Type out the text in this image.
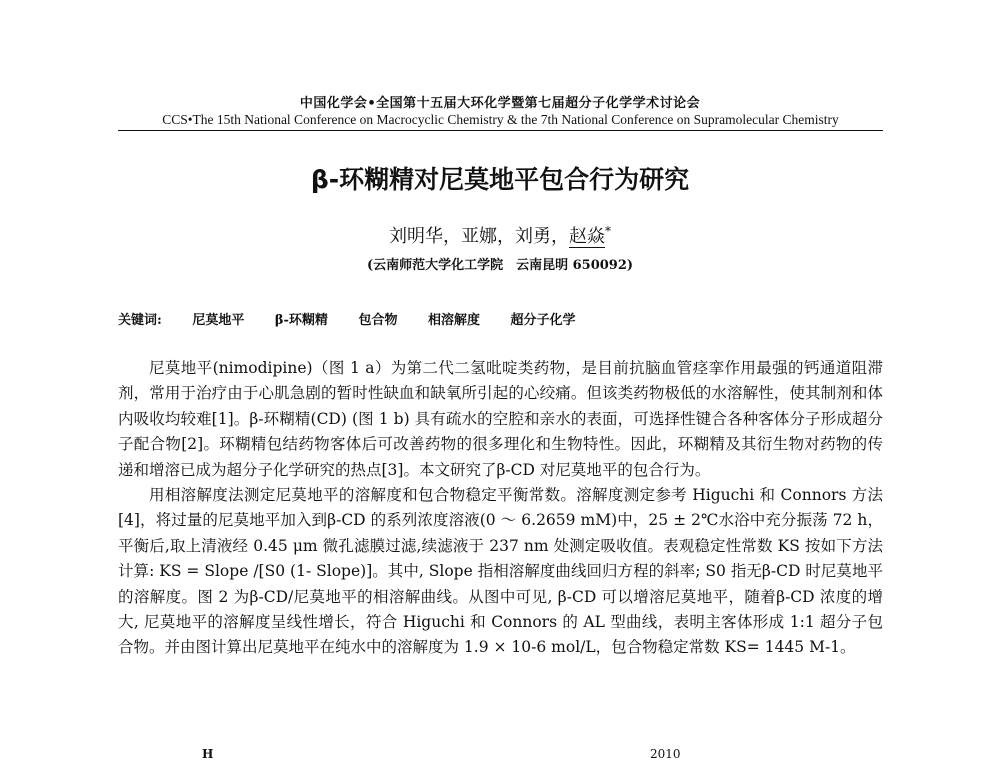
中国化学会•全国第十五届大环化学暨第七届超分子化学学术讨论会
CCS•The 15th National Conference on Macrocyclic Chemistry & the 7th National Conference on Supramolecular Chemistry
β-环糊精对尼莫地平包合行为研究
刘明华，亚娜，刘勇，赵焱*
(云南师范大学化工学院　云南昆明 650092)
关键词: 尼莫地平 β-环糊精 包合物 相溶解度 超分子化学

尼莫地平(nimodipine)（图 1 a）为第二代二氢吡啶类药物，是目前抗脑血管痉挛作用最强的钙通道阻滞剂，常用于治疗由于心肌急剧的暂时性缺血和缺氧所引起的心绞痛。但该类药物极低的水溶解性，使其制剂和体内吸收均较难[1]。β-环糊精(CD) (图 1 b) 具有疏水的空腔和亲水的表面，可选择性键合各种客体分子形成超分子配合物[2]。环糊精包结药物客体后可改善药物的很多理化和生物特性。因此，环糊精及其衍生物对药物的传递和增溶已成为超分子化学研究的热点[3]。本文研究了β-CD 对尼莫地平的包合行为。

用相溶解度法测定尼莫地平的溶解度和包合物稳定平衡常数。溶解度测定参考 Higuchi 和 Connors 方法[4]，将过量的尼莫地平加入到β-CD 的系列浓度溶液(0 ～ 6.2659 mM)中，25 ± 2℃水浴中充分振荡 72 h，平衡后,取上清液经 0.45 μm 微孔滤膜过滤,续滤液于 237 nm 处测定吸收值。表观稳定性常数 KS 按如下方法计算: KS = Slope /[S0 (1- Slope)]。其中, Slope 指相溶解度曲线回归方程的斜率; S0 指无β-CD 时尼莫地平的溶解度。图 2 为β-CD/尼莫地平的相溶解曲线。从图中可见, β-CD 可以增溶尼莫地平，随着β-CD 浓度的增大, 尼莫地平的溶解度呈线性增长，符合 Higuchi 和 Connors 的 AL 型曲线，表明主客体形成 1:1 超分子包合物。并由图计算出尼莫地平在纯水中的溶解度为 1.9 × 10-6 mol/L，包合物稳定常数 KS= 1445 M-1。

H	2010
